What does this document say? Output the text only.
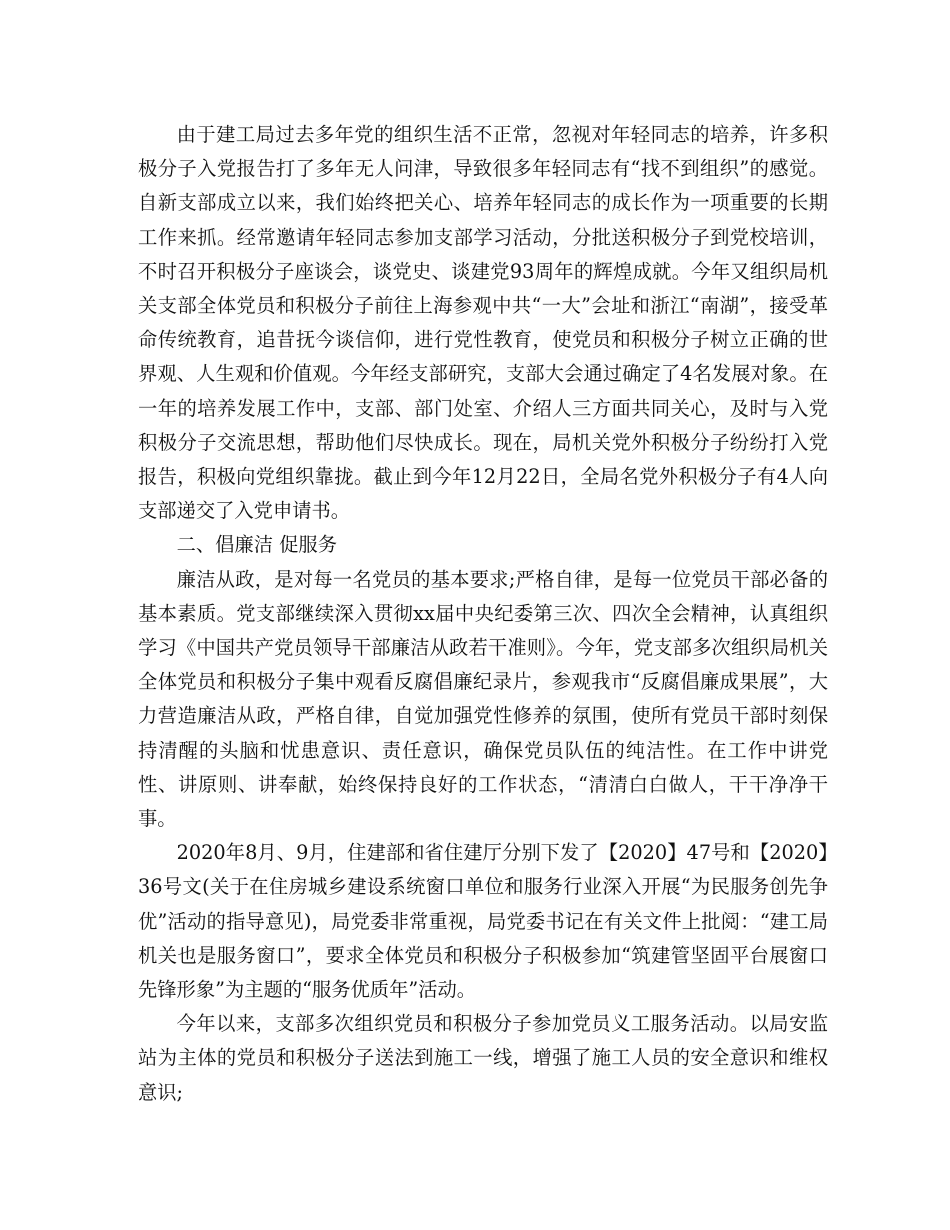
由于建工局过去多年党的组织生活不正常，忽视对年轻同志的培养，许多积极分子入党报告打了多年无人问津，导致很多年轻同志有“找不到组织”的感觉。自新支部成立以来，我们始终把关心、培养年轻同志的成长作为一项重要的长期工作来抓。经常邀请年轻同志参加支部学习活动，分批送积极分子到党校培训，不时召开积极分子座谈会，谈党史、谈建党93周年的辉煌成就。今年又组织局机关支部全体党员和积极分子前往上海参观中共“一大”会址和浙江“南湖”，接受革命传统教育，追昔抚今谈信仰，进行党性教育，使党员和积极分子树立正确的世界观、人生观和价值观。今年经支部研究，支部大会通过确定了4名发展对象。在一年的培养发展工作中，支部、部门处室、介绍人三方面共同关心，及时与入党积极分子交流思想，帮助他们尽快成长。现在，局机关党外积极分子纷纷打入党报告，积极向党组织靠拢。截止到今年12月22日，全局名党外积极分子有4人向支部递交了入党申请书。

二、倡廉洁 促服务

廉洁从政，是对每一名党员的基本要求;严格自律，是每一位党员干部必备的基本素质。党支部继续深入贯彻xx届中央纪委第三次、四次全会精神，认真组织学习《中国共产党员领导干部廉洁从政若干准则》。今年，党支部多次组织局机关全体党员和积极分子集中观看反腐倡廉纪录片，参观我市“反腐倡廉成果展”，大力营造廉洁从政，严格自律，自觉加强党性修养的氛围，使所有党员干部时刻保持清醒的头脑和忧患意识、责任意识，确保党员队伍的纯洁性。在工作中讲党性、讲原则、讲奉献，始终保持良好的工作状态，“清清白白做人，干干净净干事。

2020年8月、9月，住建部和省住建厅分别下发了【2020】47号和【2020】36号文(关于在住房城乡建设系统窗口单位和服务行业深入开展“为民服务创先争优”活动的指导意见)，局党委非常重视，局党委书记在有关文件上批阅：“建工局机关也是服务窗口”，要求全体党员和积极分子积极参加“筑建管坚固平台展窗口先锋形象”为主题的“服务优质年”活动。

今年以来，支部多次组织党员和积极分子参加党员义工服务活动。以局安监站为主体的党员和积极分子送法到施工一线，增强了施工人员的安全意识和维权意识;
